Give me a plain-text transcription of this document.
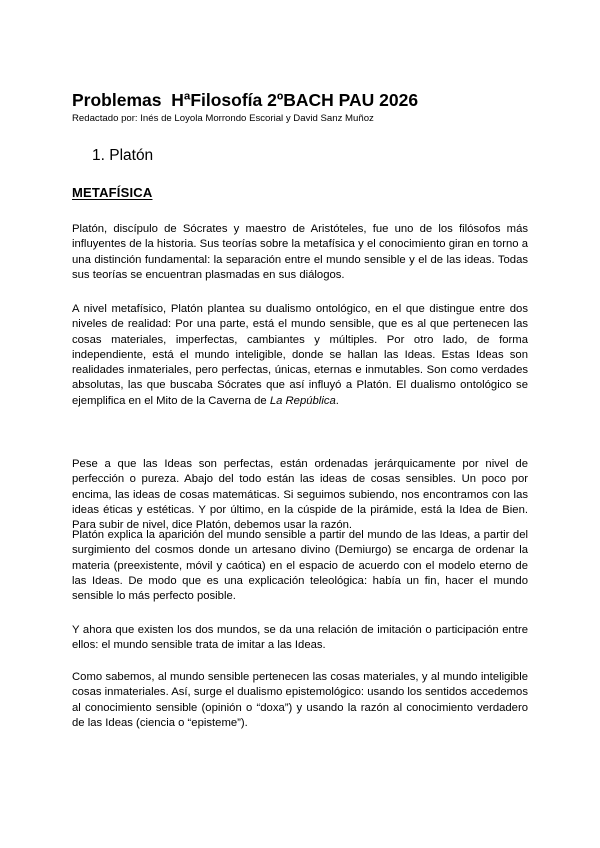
Problemas  HªFilosofía 2ºBACH PAU 2026

Redactado por: Inés de Loyola Morrondo Escorial y David Sanz Muñoz

1. Platón
METAFÍSICA

Platón, discípulo de Sócrates y maestro de Aristóteles, fue uno de los filósofos más influyentes de la historia. Sus teorías sobre la metafísica y el conocimiento giran en torno a una distinción fundamental: la separación entre el mundo sensible y el de las ideas. Todas sus teorías se encuentran plasmadas en sus diálogos.

A nivel metafísico, Platón plantea su dualismo ontológico, en el que distingue entre dos niveles de realidad: Por una parte, está el mundo sensible, que es al que pertenecen las cosas materiales, imperfectas, cambiantes y múltiples. Por otro lado, de forma independiente, está el mundo inteligible, donde se hallan las Ideas. Estas Ideas son realidades inmateriales, pero perfectas, únicas, eternas e inmutables. Son como verdades absolutas, las que buscaba Sócrates que así influyó a Platón. El dualismo ontológico se ejemplifica en el Mito de la Caverna de La República.

Pese a que las Ideas son perfectas, están ordenadas jerárquicamente por nivel de perfección o pureza. Abajo del todo están las ideas de cosas sensibles. Un poco por encima, las ideas de cosas matemáticas. Si seguimos subiendo, nos encontramos con las ideas éticas y estéticas. Y por último, en la cúspide de la pirámide, está la Idea de Bien. Para subir de nivel, dice Platón, debemos usar la razón.

Platón explica la aparición del mundo sensible a partir del mundo de las Ideas, a partir del surgimiento del cosmos donde un artesano divino (Demiurgo) se encarga de ordenar la materia (preexistente, móvil y caótica) en el espacio de acuerdo con el modelo eterno de las Ideas. De modo que es una explicación teleológica: había un fin, hacer el mundo sensible lo más perfecto posible.

Y ahora que existen los dos mundos, se da una relación de imitación o participación entre ellos: el mundo sensible trata de imitar a las Ideas.

Como sabemos, al mundo sensible pertenecen las cosas materiales, y al mundo inteligible cosas inmateriales. Así, surge el dualismo epistemológico: usando los sentidos accedemos al conocimiento sensible (opinión o “doxa”) y usando la razón al conocimiento verdadero de las Ideas (ciencia o “episteme”).
